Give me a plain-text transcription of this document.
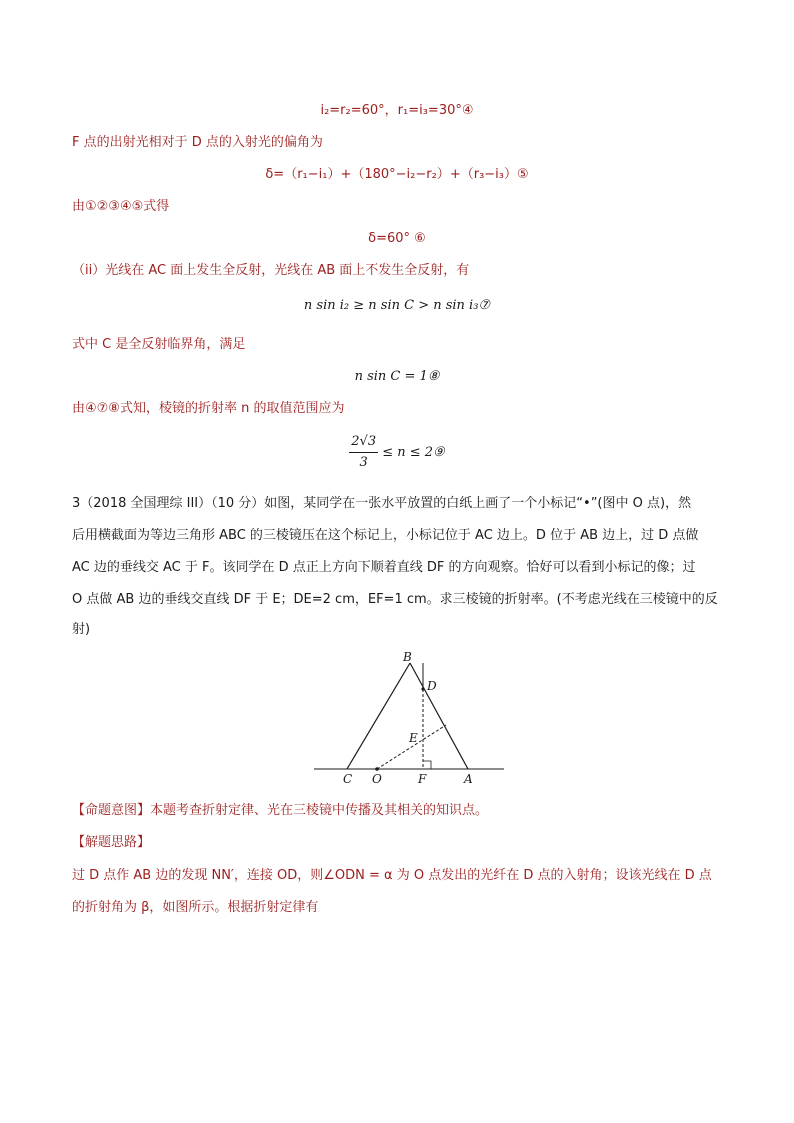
i₂=r₂=60°，r₁=i₃=30°④
F 点的出射光相对于 D 点的入射光的偏角为
δ=（r₁−i₁）+（180°−i₂−r₂）+（r₃−i₃）⑤
由①②③④⑤式得
δ=60° ⑥
（ii）光线在 AC 面上发生全反射，光线在 AB 面上不发生全反射，有
n sin i₂ ≥ n sin C > n sin i₃⑦
式中 C 是全反射临界角，满足
n sin C = 1⑧
由④⑦⑧式知，棱镜的折射率 n 的取值范围应为
$\frac{2√3}{3} \le n$ ≤ 2⑨
3（2018 全国理综 III）（10 分）如图，某同学在一张水平放置的白纸上画了一个小标记“•”(图中 O 点)，然
后用横截面为等边三角形 ABC 的三棱镜压在这个标记上，小标记位于 AC 边上。D 位于 AB 边上，过 D 点做
AC 边的垂线交 AC 于 F。该同学在 D 点正上方向下顺着直线 DF 的方向观察。恰好可以看到小标记的像；过
O 点做 AB 边的垂线交直线 DF 于 E；DE=2 cm，EF=1 cm。求三棱镜的折射率。(不考虑光线在三棱镜中的反
射)
B
D
E
C O	F	A
【命题意图】本题考查折射定律、光在三棱镜中传播及其相关的知识点。
【解题思路】
过 D 点作 AB 边的发现 NN′，连接 OD，则∠ODN = α 为 O 点发出的光纤在 D 点的入射角；设该光线在 D 点
的折射角为 β，如图所示。根据折射定律有
